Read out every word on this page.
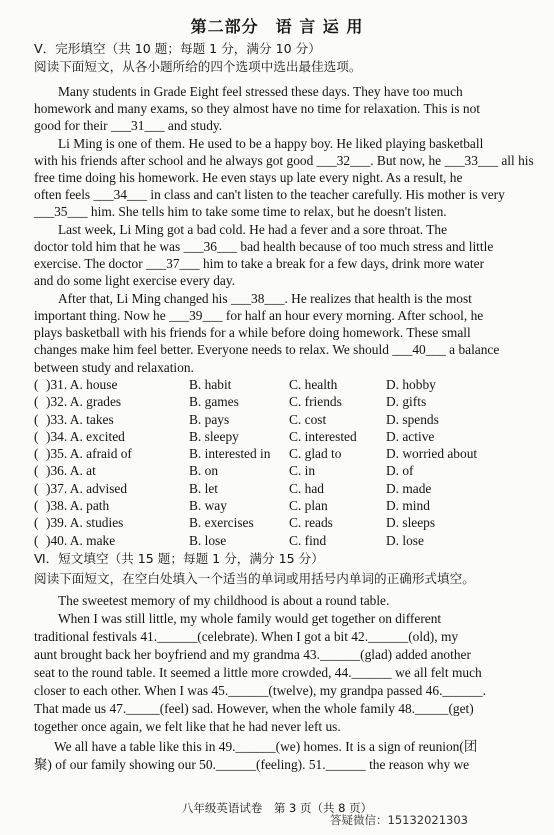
第二部分　语 言 运 用
Ⅴ．完形填空（共 10 题；每题 1 分，满分 10 分）
阅读下面短文，从各小题所给的四个选项中选出最佳选项。
Many students in Grade Eight feel stressed these days. They have too much
homework and many exams, so they almost have no time for relaxation. This is not
good for their ___31___ and study.
Li Ming is one of them. He used to be a happy boy. He liked playing basketball
with his friends after school and he always got good ___32___. But now, he ___33___ all his
free time doing his homework. He even stays up late every night. As a result, he
often feels ___34___ in class and can't listen to the teacher carefully. His mother is very
___35___ him. She tells him to take some time to relax, but he doesn't listen.
Last week, Li Ming got a bad cold. He had a fever and a sore throat. The
doctor told him that he was ___36___ bad health because of too much stress and little
exercise. The doctor ___37___ him to take a break for a few days, drink more water
and do some light exercise every day.
After that, Li Ming changed his ___38___. He realizes that health is the most
important thing. Now he ___39___ for half an hour every morning. After school, he
plays basketball with his friends for a while before doing homework. These small
changes make him feel better. Everyone needs to relax. We should ___40___ a balance
between study and relaxation.
( )31. A. house	B. habit	C. health	D. hobby
( )32. A. grades	B. games	C. friends	D. gifts
( )33. A. takes	B. pays	C. cost	D. spends
( )34. A. excited	B. sleepy	C. interested D. active
( )35. A. afraid of	B. interested in C. glad to	D. worried about
( )36. A. at	B. on	C. in	D. of
( )37. A. advised	B. let	C. had	D. made
( )38. A. path	B. way	C. plan	D. mind
( )39. A. studies	B. exercises	C. reads	D. sleeps
( )40. A. make	B. lose	C. find	D. lose
Ⅵ．短文填空（共 15 题；每题 1 分，满分 15 分）
阅读下面短文，在空白处填入一个适当的单词或用括号内单词的正确形式填空。
The sweetest memory of my childhood is about a round table.
When I was still little, my whole family would get together on different
traditional festivals 41.______(celebrate). When I got a bit 42.______(old), my
aunt brought back her boyfriend and my grandma 43.______(glad) added another
seat to the round table. It seemed a little more crowded, 44.______ we all felt much
closer to each other. When I was 45.______(twelve), my grandpa passed 46.______.
That made us 47._____(feel) sad. However, when the whole family 48._____(get)
together once again, we felt like that he had never left us.
We all have a table like this in 49.______(we) homes. It is a sign of reunion(团
聚) of our family showing our 50.______(feeling). 51.______ the reason why we
八年级英语试卷　第 3 页（共 8 页）
答疑微信：15132021303
